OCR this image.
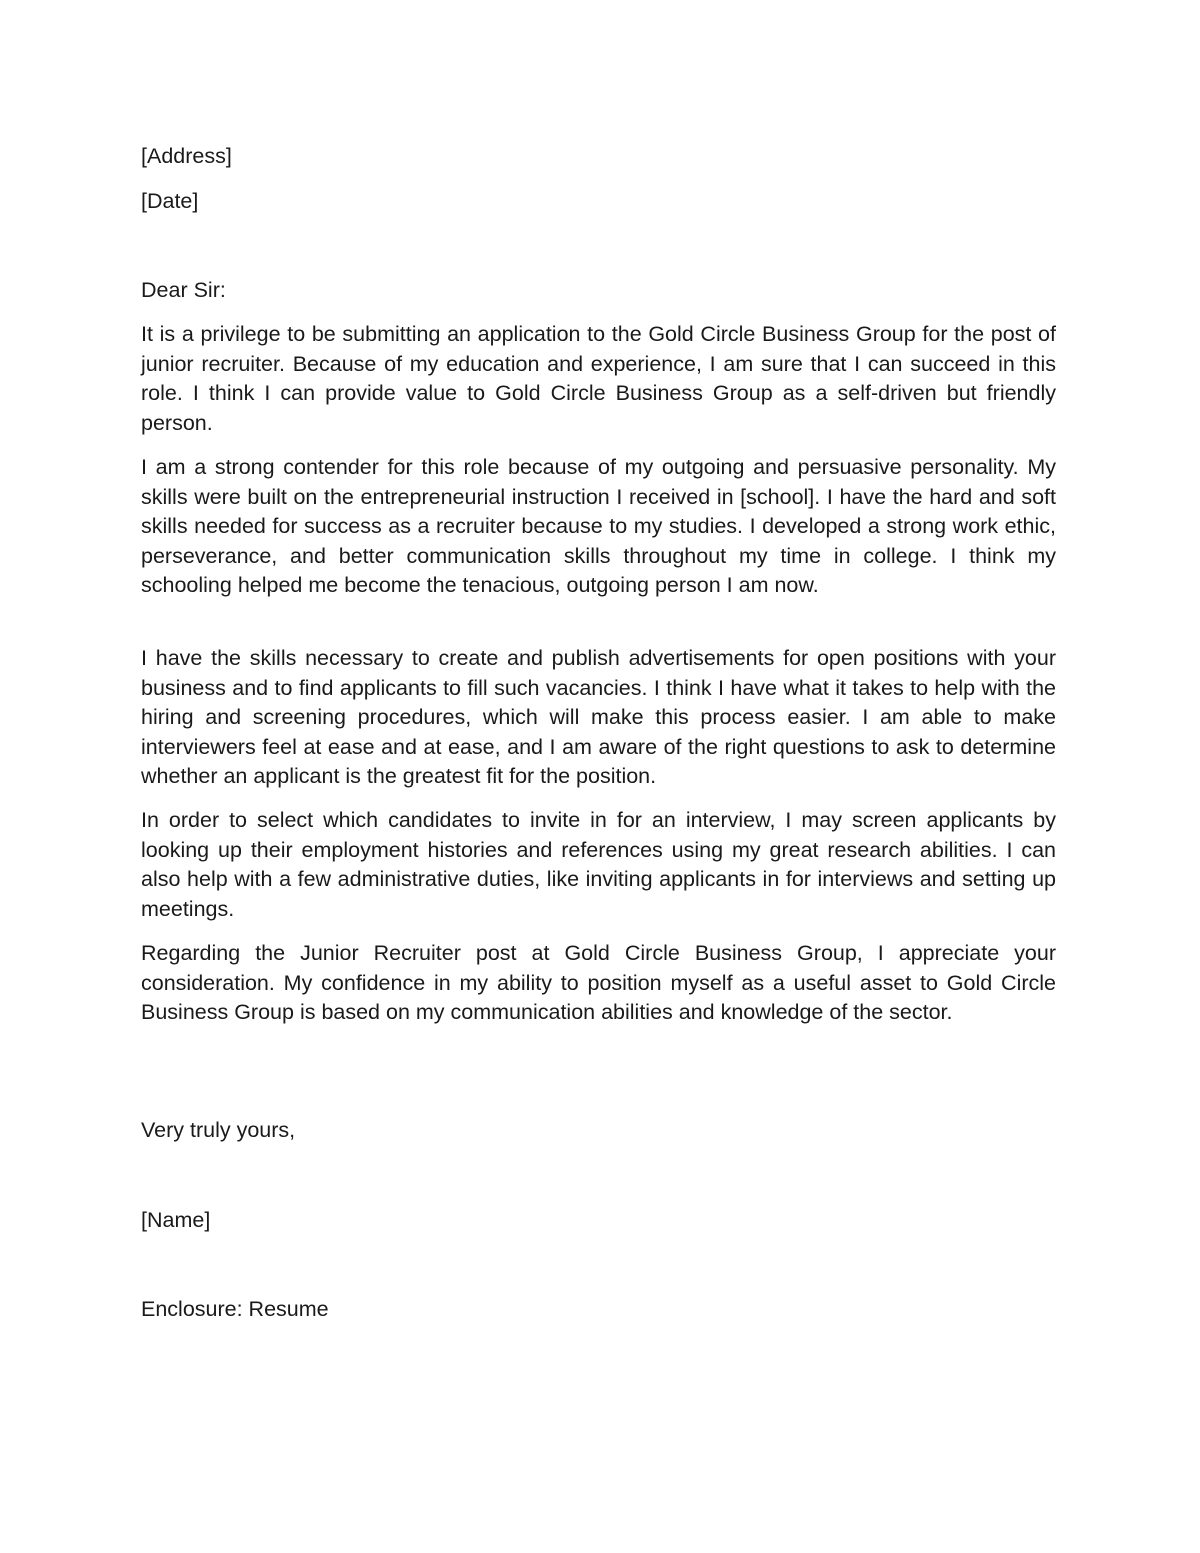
[Address]
[Date]
Dear Sir:

It is a privilege to be submitting an application to the Gold Circle Business Group for the post of junior recruiter. Because of my education and experience, I am sure that I can succeed in this role. I think I can provide value to Gold Circle Business Group as a self-driven but friendly person.

I am a strong contender for this role because of my outgoing and persuasive personality. My skills were built on the entrepreneurial instruction I received in [school]. I have the hard and soft skills needed for success as a recruiter because to my studies. I developed a strong work ethic, perseverance, and better communication skills throughout my time in college. I think my schooling helped me become the tenacious, outgoing person I am now.

I have the skills necessary to create and publish advertisements for open positions with your business and to find applicants to fill such vacancies. I think I have what it takes to help with the hiring and screening procedures, which will make this process easier. I am able to make interviewers feel at ease and at ease, and I am aware of the right questions to ask to determine whether an applicant is the greatest fit for the position.

In order to select which candidates to invite in for an interview, I may screen applicants by looking up their employment histories and references using my great research abilities. I can also help with a few administrative duties, like inviting applicants in for interviews and setting up meetings.

Regarding the Junior Recruiter post at Gold Circle Business Group, I appreciate your consideration. My confidence in my ability to position myself as a useful asset to Gold Circle Business Group is based on my communication abilities and knowledge of the sector.

Very truly yours,
[Name]
Enclosure: Resume
